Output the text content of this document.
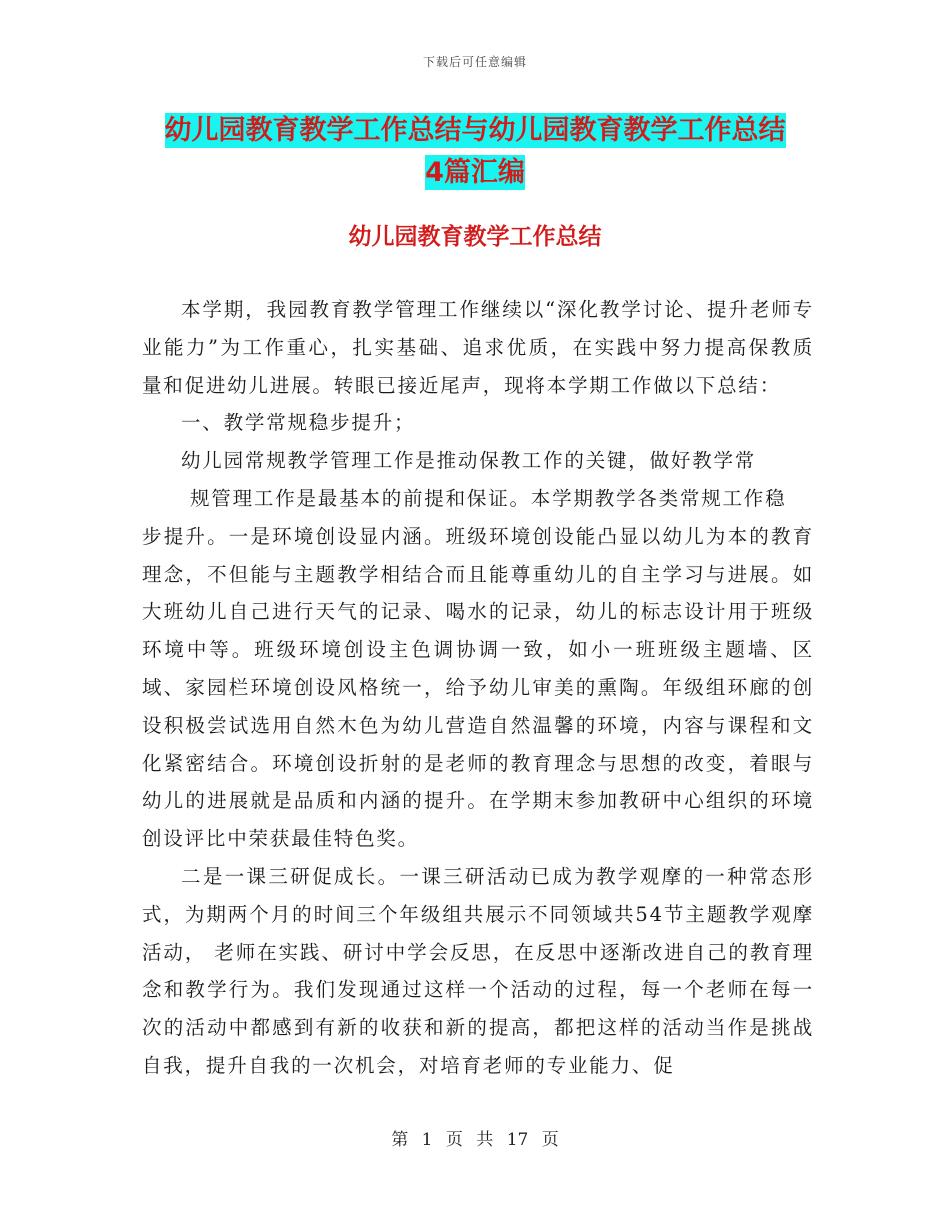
下载后可任意编辑
幼儿园教育教学工作总结与幼儿园教育教学工作总结
4篇汇编
幼儿园教育教学工作总结

本学期，我园教育教学管理工作继续以“深化教学讨论、提升老师专业能力”为工作重心，扎实基础、追求优质，在实践中努力提高保教质量和促进幼儿进展。转眼已接近尾声，现将本学期工作做以下总结：

一、教学常规稳步提升；

幼儿园常规教学管理工作是推动保教工作的关键，做好教学常
规管理工作是最基本的前提和保证。本学期教学各类常规工作稳
步提升。一是环境创设显内涵。班级环境创设能凸显以幼儿为本的教育理念，不但能与主题教学相结合而且能尊重幼儿的自主学习与进展。如大班幼儿自己进行天气的记录、喝水的记录，幼儿的标志设计用于班级环境中等。班级环境创设主色调协调一致，如小一班班级主题墙、区域、家园栏环境创设风格统一，给予幼儿审美的熏陶。年级组环廊的创设积极尝试选用自然木色为幼儿营造自然温馨的环境，内容与课程和文化紧密结合。环境创设折射的是老师的教育理念与思想的改变，着眼与幼儿的进展就是品质和内涵的提升。在学期末参加教研中心组织的环境创设评比中荣获最佳特色奖。

二是一课三研促成长。一课三研活动已成为教学观摩的一种常态形式，为期两个月的时间三个年级组共展示不同领域共54节主题教学观摩活动， 老师在实践、研讨中学会反思，在反思中逐渐改进自己的教育理念和教学行为。我们发现通过这样一个活动的过程，每一个老师在每一次的活动中都感到有新的收获和新的提高，都把这样的活动当作是挑战自我，提升自我的一次机会，对培育老师的专业能力、促

第 1 页 共 17 页
